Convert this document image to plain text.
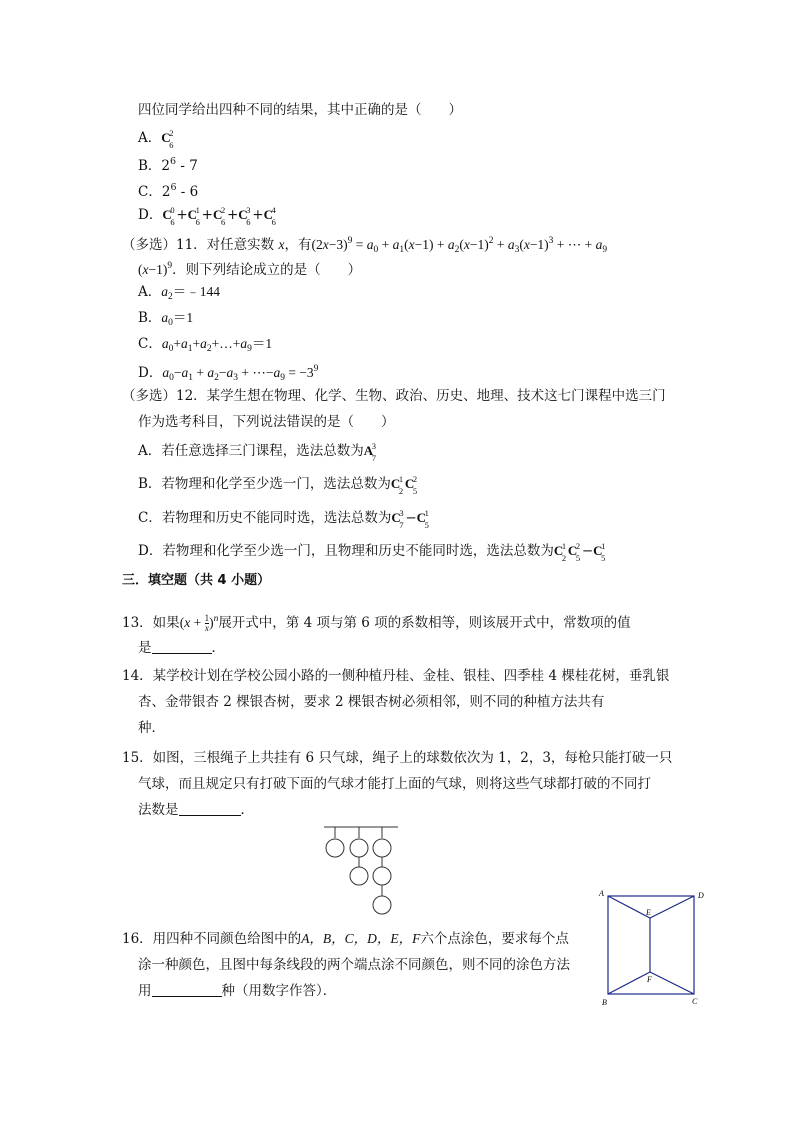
四位同学给出四种不同的结果，其中正确的是（　　）
A． C
2
6
B．$2^6 - 7$
C．$2^6 - 6$
D． C
0
6 + C
1
6 + C
2
6 + C
3
6 + C
4
6
（多选）11．对任意实数 x，有$(2x-3)^9 = a_0 + a_1(x-1) + a_2(x-1)^2 + a_3(x-1)^3$ + ⋯ + $a_9$
$(x-1)^9$．则下列结论成立的是（　　）
A．$a_2=﹣144$
B．$a_0=1$
C．$a_0+a_1+a_2+\dots+a_9=1$
D．$a_0-a_1 + a_2-a_3$ + $\cdots-a_9 = -3^9$
（多选）12．某学生想在物理、化学、生物、政治、历史、地理、技术这七门课程中选三门
作为选考科目，下列说法错误的是（　　）
A．若任意选择三门课程，选法总数为 A
3
7
B．若物理和化学至少选一门，选法总数为 C
1
2 C
2
5
C．若物理和历史不能同时选，选法总数为 C
3
7 − C
1
5
D．若物理和化学至少选一门，且物理和历史不能同时选，选法总数为 C
1
2 C
2
5 − C
1
5
三．填空题（共 4 小题）
13．如果$(x + \frac{1}{x} )^n$展开式中，第 4 项与第 6 项的系数相等，则该展开式中，常数项的值
是	．
14．某学校计划在学校公园小路的一侧种植丹桂、金桂、银桂、四季桂 4 棵桂花树，垂乳银
杏、金带银杏 2 棵银杏树，要求 2 棵银杏树必须相邻，则不同的种植方法共有
种．
15．如图，三根绳子上共挂有 6 只气球，绳子上的球数依次为 1，2，3，每枪只能打破一只
气球，而且规定只有打破下面的气球才能打上面的气球，则将这些气球都打破的不同打
法数是	．
16．用四种不同颜色给图中的A，B，C，D，E，F六个点涂色，要求每个点
涂一种颜色，且图中每条线段的两个端点涂不同颜色，则不同的涂色方法
用	种（用数字作答）．
A	D
E
F
B	C
